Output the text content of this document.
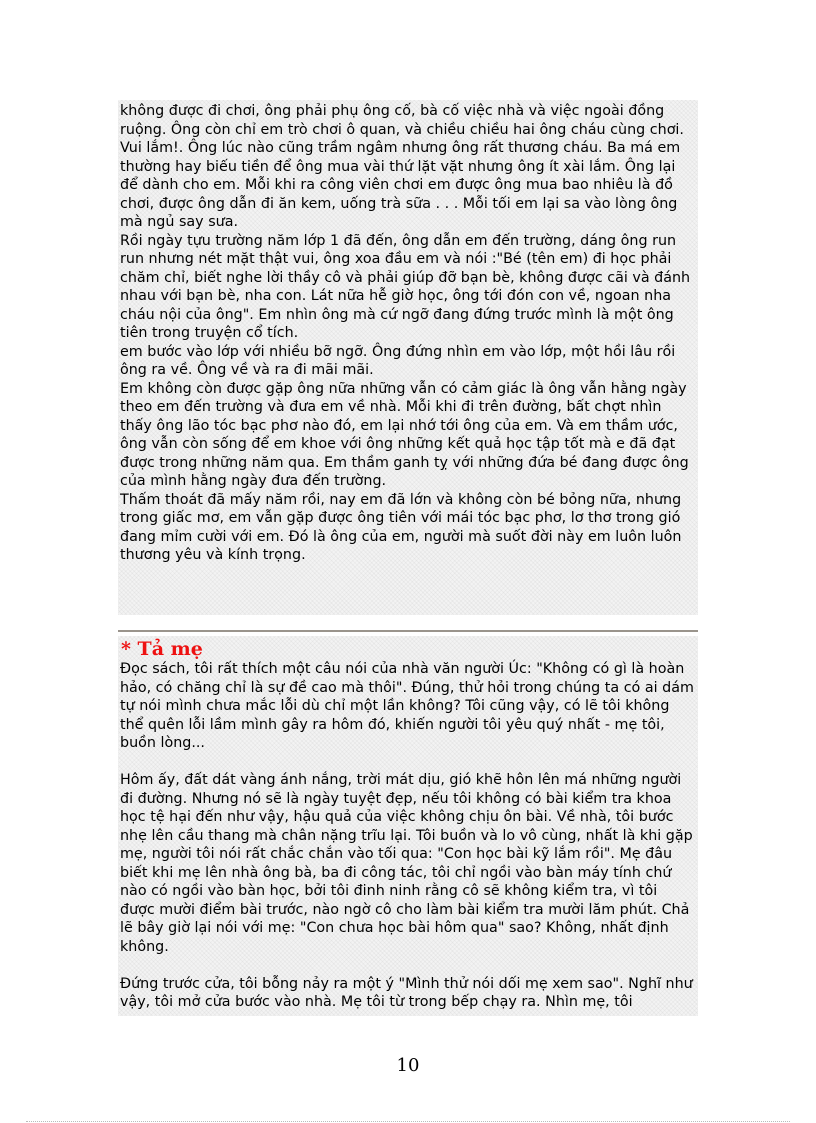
không được đi chơi, ông phải phụ ông cố, bà cố việc nhà và việc ngoài đồng ruộng. Ông còn chỉ em trò chơi ô quan, và chiều chiều hai ông cháu cùng chơi. Vui lắm!. Ông lúc nào cũng trầm ngâm nhưng ông rất thương cháu. Ba má em thường hay biếu tiền để ông mua vài thứ lặt vặt nhưng ông ít xài lắm. Ông lại để dành cho em. Mỗi khi ra công viên chơi em được ông mua bao nhiêu là đồ chơi, được ông dẫn đi ăn kem, uống trà sữa . . . Mỗi tối em lại sa vào lòng ông mà ngủ say sưa.

Rồi ngày tựu trường năm lớp 1 đã đến, ông dẫn em đến trường, dáng ông run run nhưng nét mặt thật vui, ông xoa đầu em và nói :"Bé (tên em) đi học phải chăm chỉ, biết nghe lời thầy cô và phải giúp đỡ bạn bè, không được cãi và đánh nhau với bạn bè, nha con. Lát nữa hễ giờ học, ông tới đón con về, ngoan nha cháu nội của ông". Em nhìn ông mà cứ ngỡ đang đứng trước mình là một ông tiên trong truyện cổ tích.

em bước vào lớp với nhiều bỡ ngỡ. Ông đứng nhìn em vào lớp, một hồi lâu rồi ông ra về. Ông về và ra đi mãi mãi.

Em không còn được gặp ông nữa những vẫn có cảm giác là ông vẫn hằng ngày theo em đến trường và đưa em về nhà. Mỗi khi đi trên đường, bất chợt nhìn thấy ông lão tóc bạc phơ nào đó, em lại nhớ tới ông của em. Và em thầm ước, ông vẫn còn sống để em khoe với ông những kết quả học tập tốt mà e đã đạt được trong những năm qua. Em thầm ganh tỵ với những đứa bé đang được ông của mình hằng ngày đưa đến trường.

Thấm thoát đã mấy năm rồi, nay em đã lớn và không còn bé bỏng nữa, nhưng trong giấc mơ, em vẫn gặp được ông tiên với mái tóc bạc phơ, lơ thơ trong gió đang mỉm cười với em. Đó là ông của em, người mà suốt đời này em luôn luôn thương yêu và kính trọng.

* Tả mẹ

Đọc sách, tôi rất thích một câu nói của nhà văn người Úc: "Không có gì là hoàn hảo, có chăng chỉ là sự đề cao mà thôi". Đúng, thử hỏi trong chúng ta có ai dám tự nói mình chưa mắc lỗi dù chỉ một lần không? Tôi cũng vậy, có lẽ tôi không thể quên lỗi lầm mình gây ra hôm đó, khiến người tôi yêu quý nhất - mẹ tôi, buồn lòng...

Hôm ấy, đất dát vàng ánh nắng, trời mát dịu, gió khẽ hôn lên má những người đi đường. Nhưng nó sẽ là ngày tuyệt đẹp, nếu tôi không có bài kiểm tra khoa học tệ hại đến như vậy, hậu quả của việc không chịu ôn bài. Về nhà, tôi bước nhẹ lên cầu thang mà chân nặng trĩu lại. Tôi buồn và lo vô cùng, nhất là khi gặp mẹ, người tôi nói rất chắc chắn vào tối qua: "Con học bài kỹ lắm rồi". Mẹ đâu biết khi mẹ lên nhà ông bà, ba đi công tác, tôi chỉ ngồi vào bàn máy tính chứ nào có ngồi vào bàn học, bởi tôi đinh ninh rằng cô sẽ không kiểm tra, vì tôi được mười điểm bài trước, nào ngờ cô cho làm bài kiểm tra mười lăm phút. Chả lẽ bây giờ lại nói với mẹ: "Con chưa học bài hôm qua" sao? Không, nhất định không.

Đứng trước cửa, tôi bỗng nảy ra một ý "Mình thử nói dối mẹ xem sao". Nghĩ như vậy, tôi mở cửa bước vào nhà. Mẹ tôi từ trong bếp chạy ra. Nhìn mẹ, tôi

10
